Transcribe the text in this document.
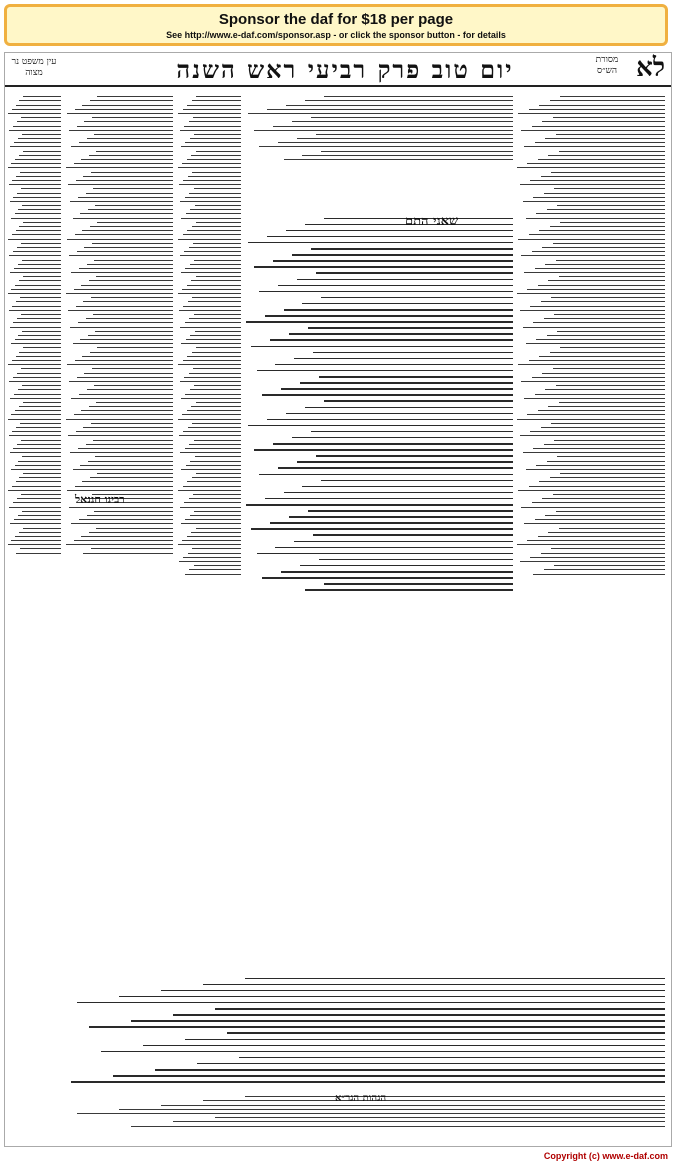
Sponsor the daf for $18 per page
See http://www.e-daf.com/sponsor.asp - or click the sponsor button - for details
עין משפט נר מצוה	יום טוב פרק רביעי ראש השנה	מסורת הש״ס לא
שאני התם
רבינו חננאל
הגהות הגר״א
Copyright (c) www.e-daf.com
